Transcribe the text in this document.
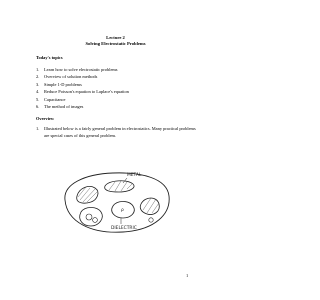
Lecture 2
Solving Electrostatic Problems
Today's topics
1. Learn how to solve electrostatic problems
2. Overview of solution methods
3. Simple 1-D problems
4. Reduce Poisson's equation to Laplace's equation
5. Capacitance
6. The method of images
Overview
1. Illustrated below is a fairly general problem in electrostatics. Many practical problems are special cases of this general problem.
ρ
METAL
DIELECTRIC
1
